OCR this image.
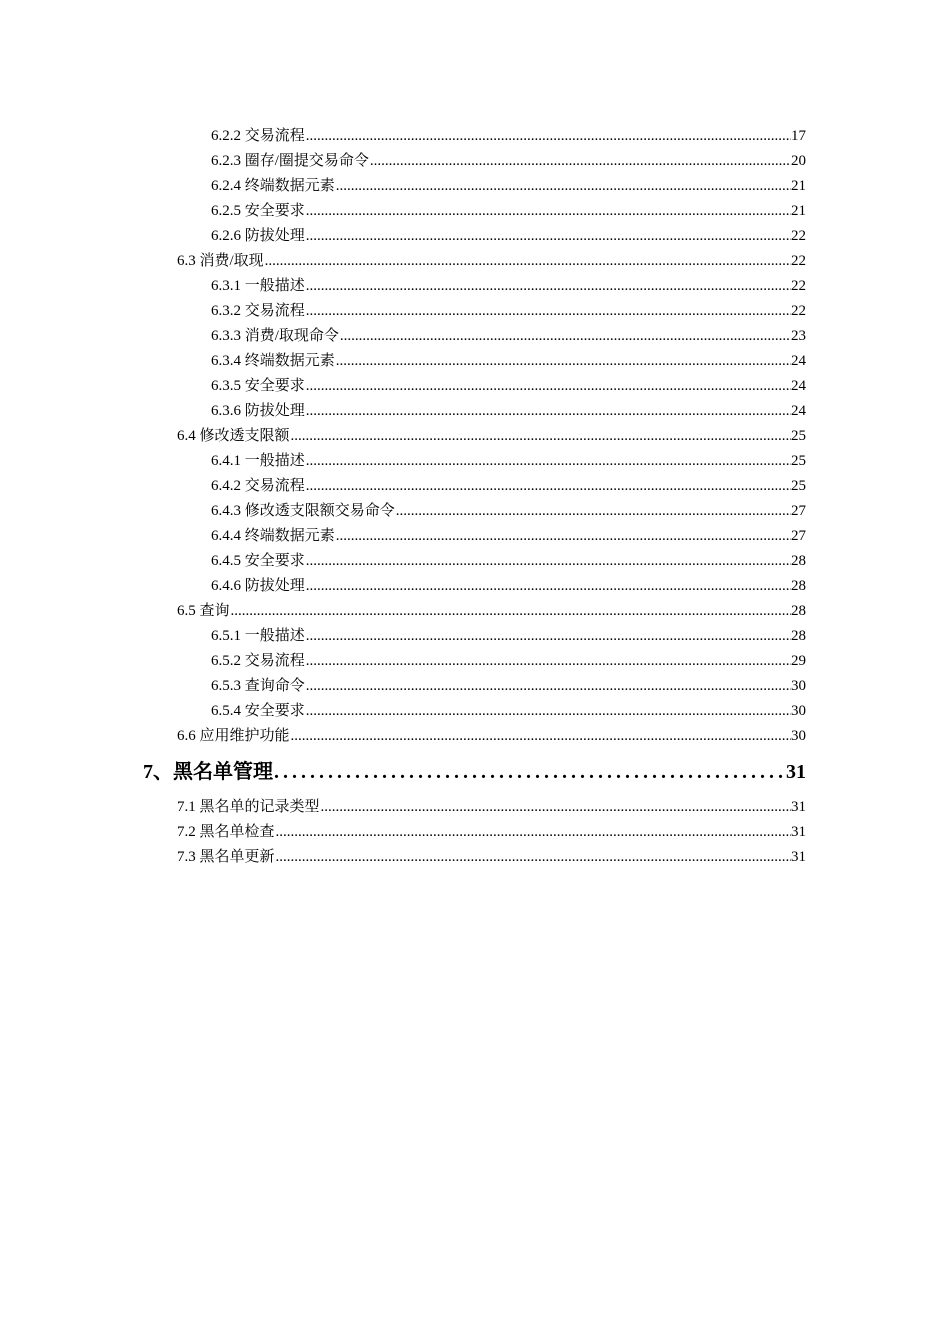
6.2.2 交易流程 .....	17
6.2.3 圈存/圈提交易命令 .....	20
6.2.4 终端数据元素 .....	21
6.2.5 安全要求 .....	21
6.2.6 防拔处理 .....	22
6.3 消费/取现 .....	22
6.3.1 一般描述 .....	22
6.3.2 交易流程 .....	22
6.3.3 消费/取现命令 .....	23
6.3.4 终端数据元素 .....	24
6.3.5 安全要求 .....	24
6.3.6 防拔处理 .....	24
6.4 修改透支限额 .....	25
6.4.1 一般描述 .....	25
6.4.2 交易流程 .....	25
6.4.3 修改透支限额交易命令 .....	27
6.4.4 终端数据元素 .....	27
6.4.5 安全要求 .....	28
6.4.6 防拔处理 .....	28
6.5 查询 .....	28
6.5.1 一般描述 .....	28
6.5.2 交易流程 .....	29
6.5.3 查询命令 .....	30
6.5.4 安全要求 .....	30
6.6 应用维护功能 .....	30
7、黑名单管理 .....	31
7.1 黑名单的记录类型 .....	31
7.2 黑名单检查 .....	31
7.3 黑名单更新 .....	31
